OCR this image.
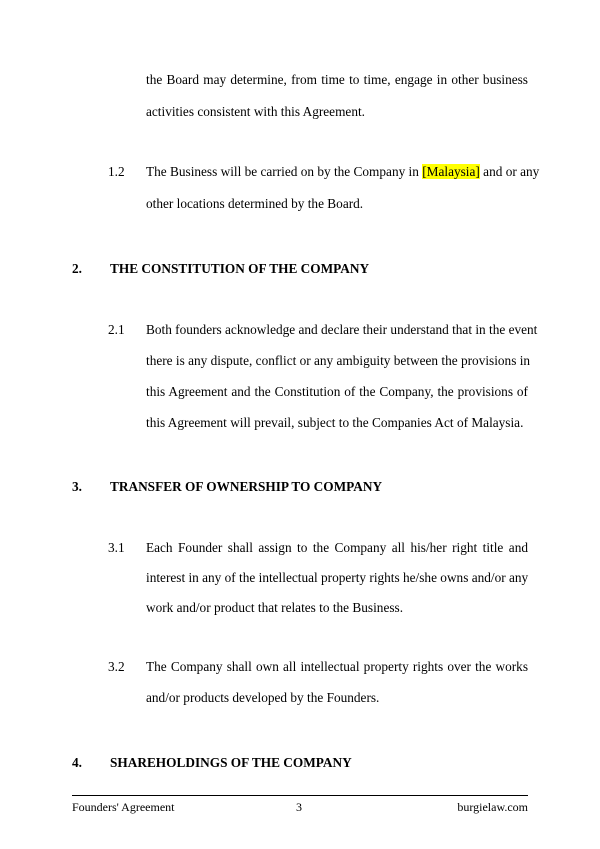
the Board may determine, from time to time, engage in other business
activities consistent with this Agreement.
1.2 The Business will be carried on by the Company in [Malaysia] and or any
other locations determined by the Board.
2. THE CONSTITUTION OF THE COMPANY
2.1 Both founders acknowledge and declare their understand that in the event
there is any dispute, conflict or any ambiguity between the provisions in
this Agreement and the Constitution of the Company, the provisions of
this Agreement will prevail, subject to the Companies Act of Malaysia.
3. TRANSFER OF OWNERSHIP TO COMPANY
3.1 Each Founder shall assign to the Company all his/her right title and
interest in any of the intellectual property rights he/she owns and/or any
work and/or product that relates to the Business.
3.2 The Company shall own all intellectual property rights over the works
and/or products developed by the Founders.
4. SHAREHOLDINGS OF THE COMPANY
Founders' Agreement	3	burgielaw.com
